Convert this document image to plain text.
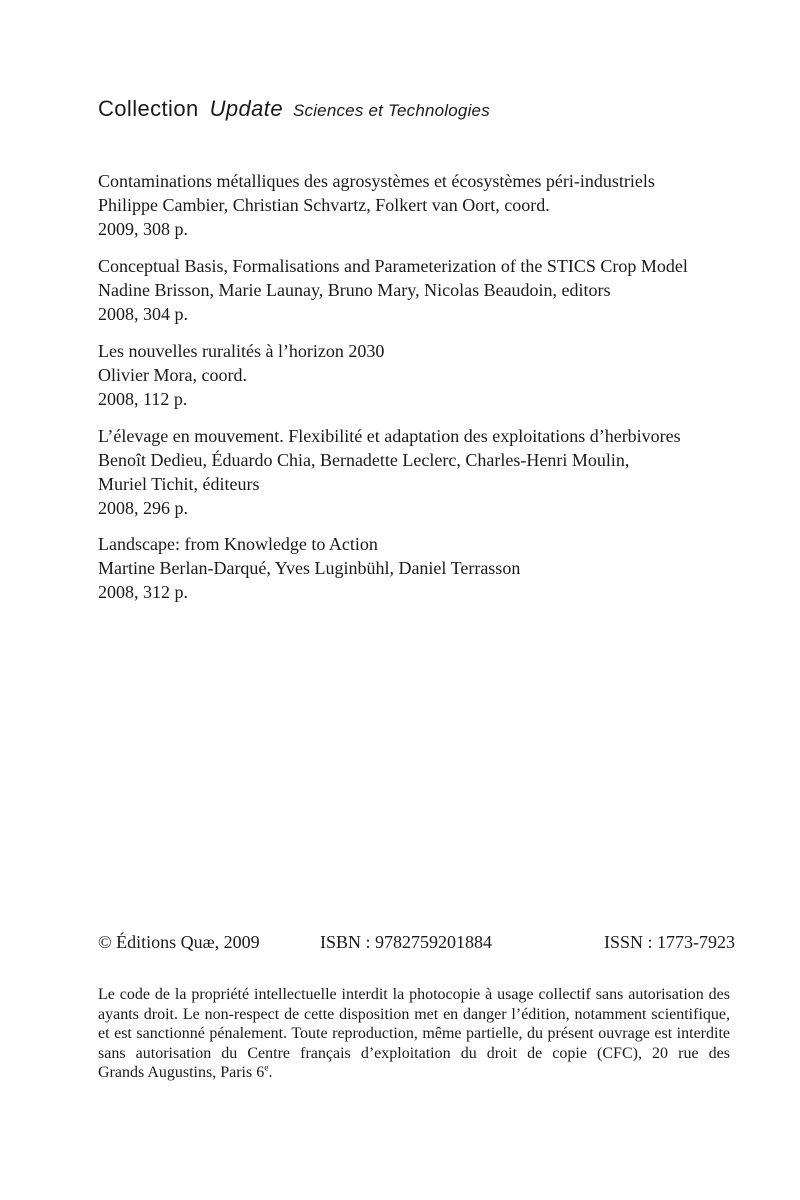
Collection Update Sciences et Technologies
Contaminations métalliques des agrosystèmes et écosystèmes péri-industriels
Philippe Cambier, Christian Schvartz, Folkert van Oort, coord.
2009, 308 p.
Conceptual Basis, Formalisations and Parameterization of the STICS Crop Model
Nadine Brisson, Marie Launay, Bruno Mary, Nicolas Beaudoin, editors
2008, 304 p.
Les nouvelles ruralités à l’horizon 2030
Olivier Mora, coord.
2008, 112 p.
L’élevage en mouvement. Flexibilité et adaptation des exploitations d’herbivores
Benoît Dedieu, Éduardo Chia, Bernadette Leclerc, Charles-Henri Moulin,
Muriel Tichit, éditeurs
2008, 296 p.
Landscape: from Knowledge to Action
Martine Berlan-Darqué, Yves Luginbühl, Daniel Terrasson
2008, 312 p.
© Éditions Quæ, 2009	ISBN : 9782759201884	ISSN : 1773-7923
Le code de la propriété intellectuelle interdit la photocopie à usage collectif sans autorisation des
ayants droit. Le non-respect de cette disposition met en danger l’édition, notamment scientifique,
et est sanctionné pénalement. Toute reproduction, même partielle, du présent ouvrage est interdite
sans autorisation du Centre français d’exploitation du droit de copie (CFC), 20 rue des
Grands Augustins, Paris 6e.
